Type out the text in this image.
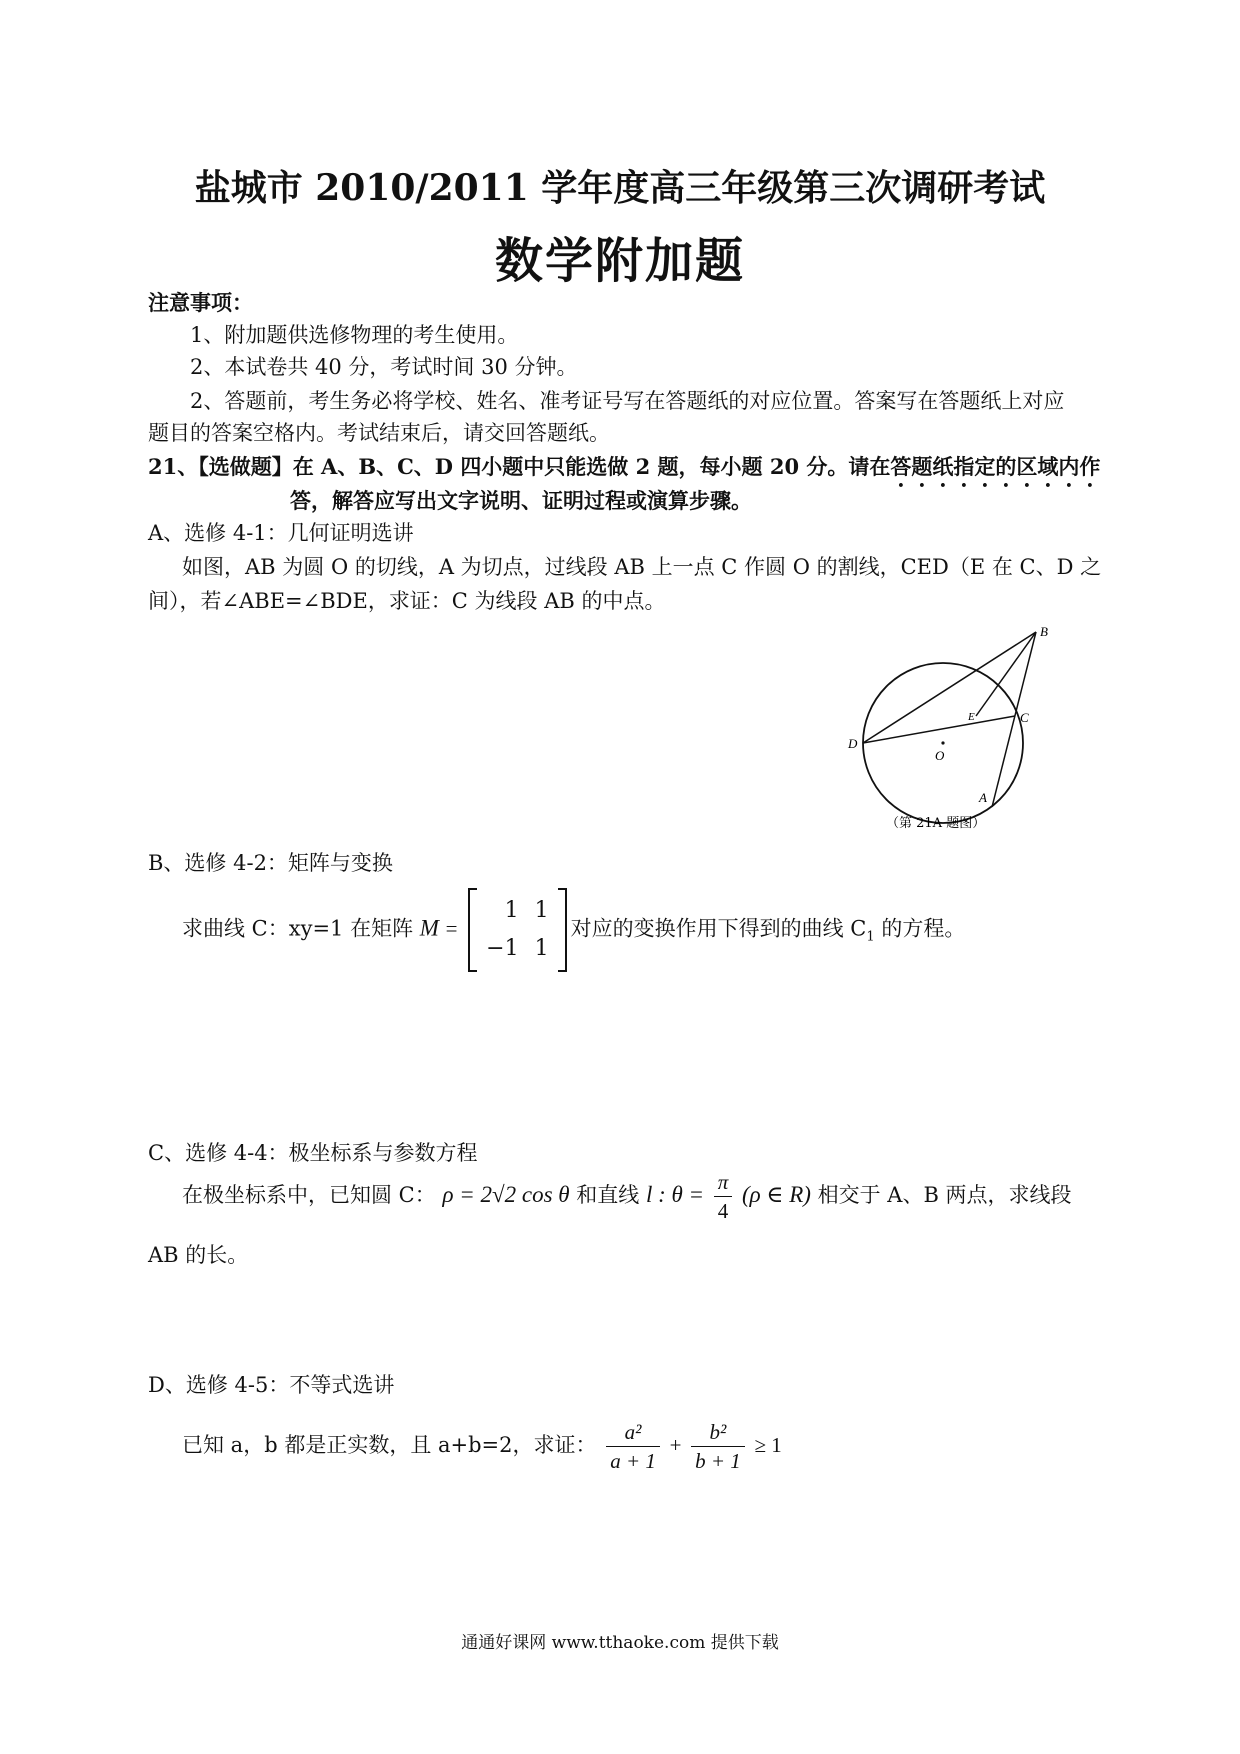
盐城市 2010/2011 学年度高三年级第三次调研考试
数学附加题
注意事项：
1、附加题供选修物理的考生使用。
2、本试卷共 40 分，考试时间 30 分钟。
2、答题前，考生务必将学校、姓名、准考证号写在答题纸的对应位置。答案写在答题纸上对应
题目的答案空格内。考试结束后，请交回答题纸。
21、【选做题】在 A、B、C、D 四小题中只能选做 2 题，每小题 20 分。请在答题纸指定的区域内作
答，解答应写出文字说明、证明过程或演算步骤。
A、选修 4-1：几何证明选讲
如图，AB 为圆 O 的切线，A 为切点，过线段 AB 上一点 C 作圆 O 的割线，CED（E 在 C、D 之
间），若∠ABE=∠BDE，求证：C 为线段 AB 的中点。
B
C
E
D
O
A
（第 21A 题图）
B、选修 4-2：矩阵与变换
求曲线 C：xy=1 在矩阵 M =
1	1
−1	1
对应的变换作用下得到的曲线 $C_1$ 的方程。
C、选修 4-4：极坐标系与参数方程
在极坐标系中，已知圆 C： ρ = 2√2 cos θ 和直线 l : $\theta = \frac{\pi}{4} (\rho$ ∈ R) 相交于 A、B 两点，求线段
AB 的长。
D、选修 4-5：不等式选讲
已知 a，b 都是正实数，且 a+b=2，求证： $\frac{\text{a²}}{a + 1} + \frac{\text{b²}}{b + 1} \ge 1$
通通好课网 www.tthaoke.com 提供下载
